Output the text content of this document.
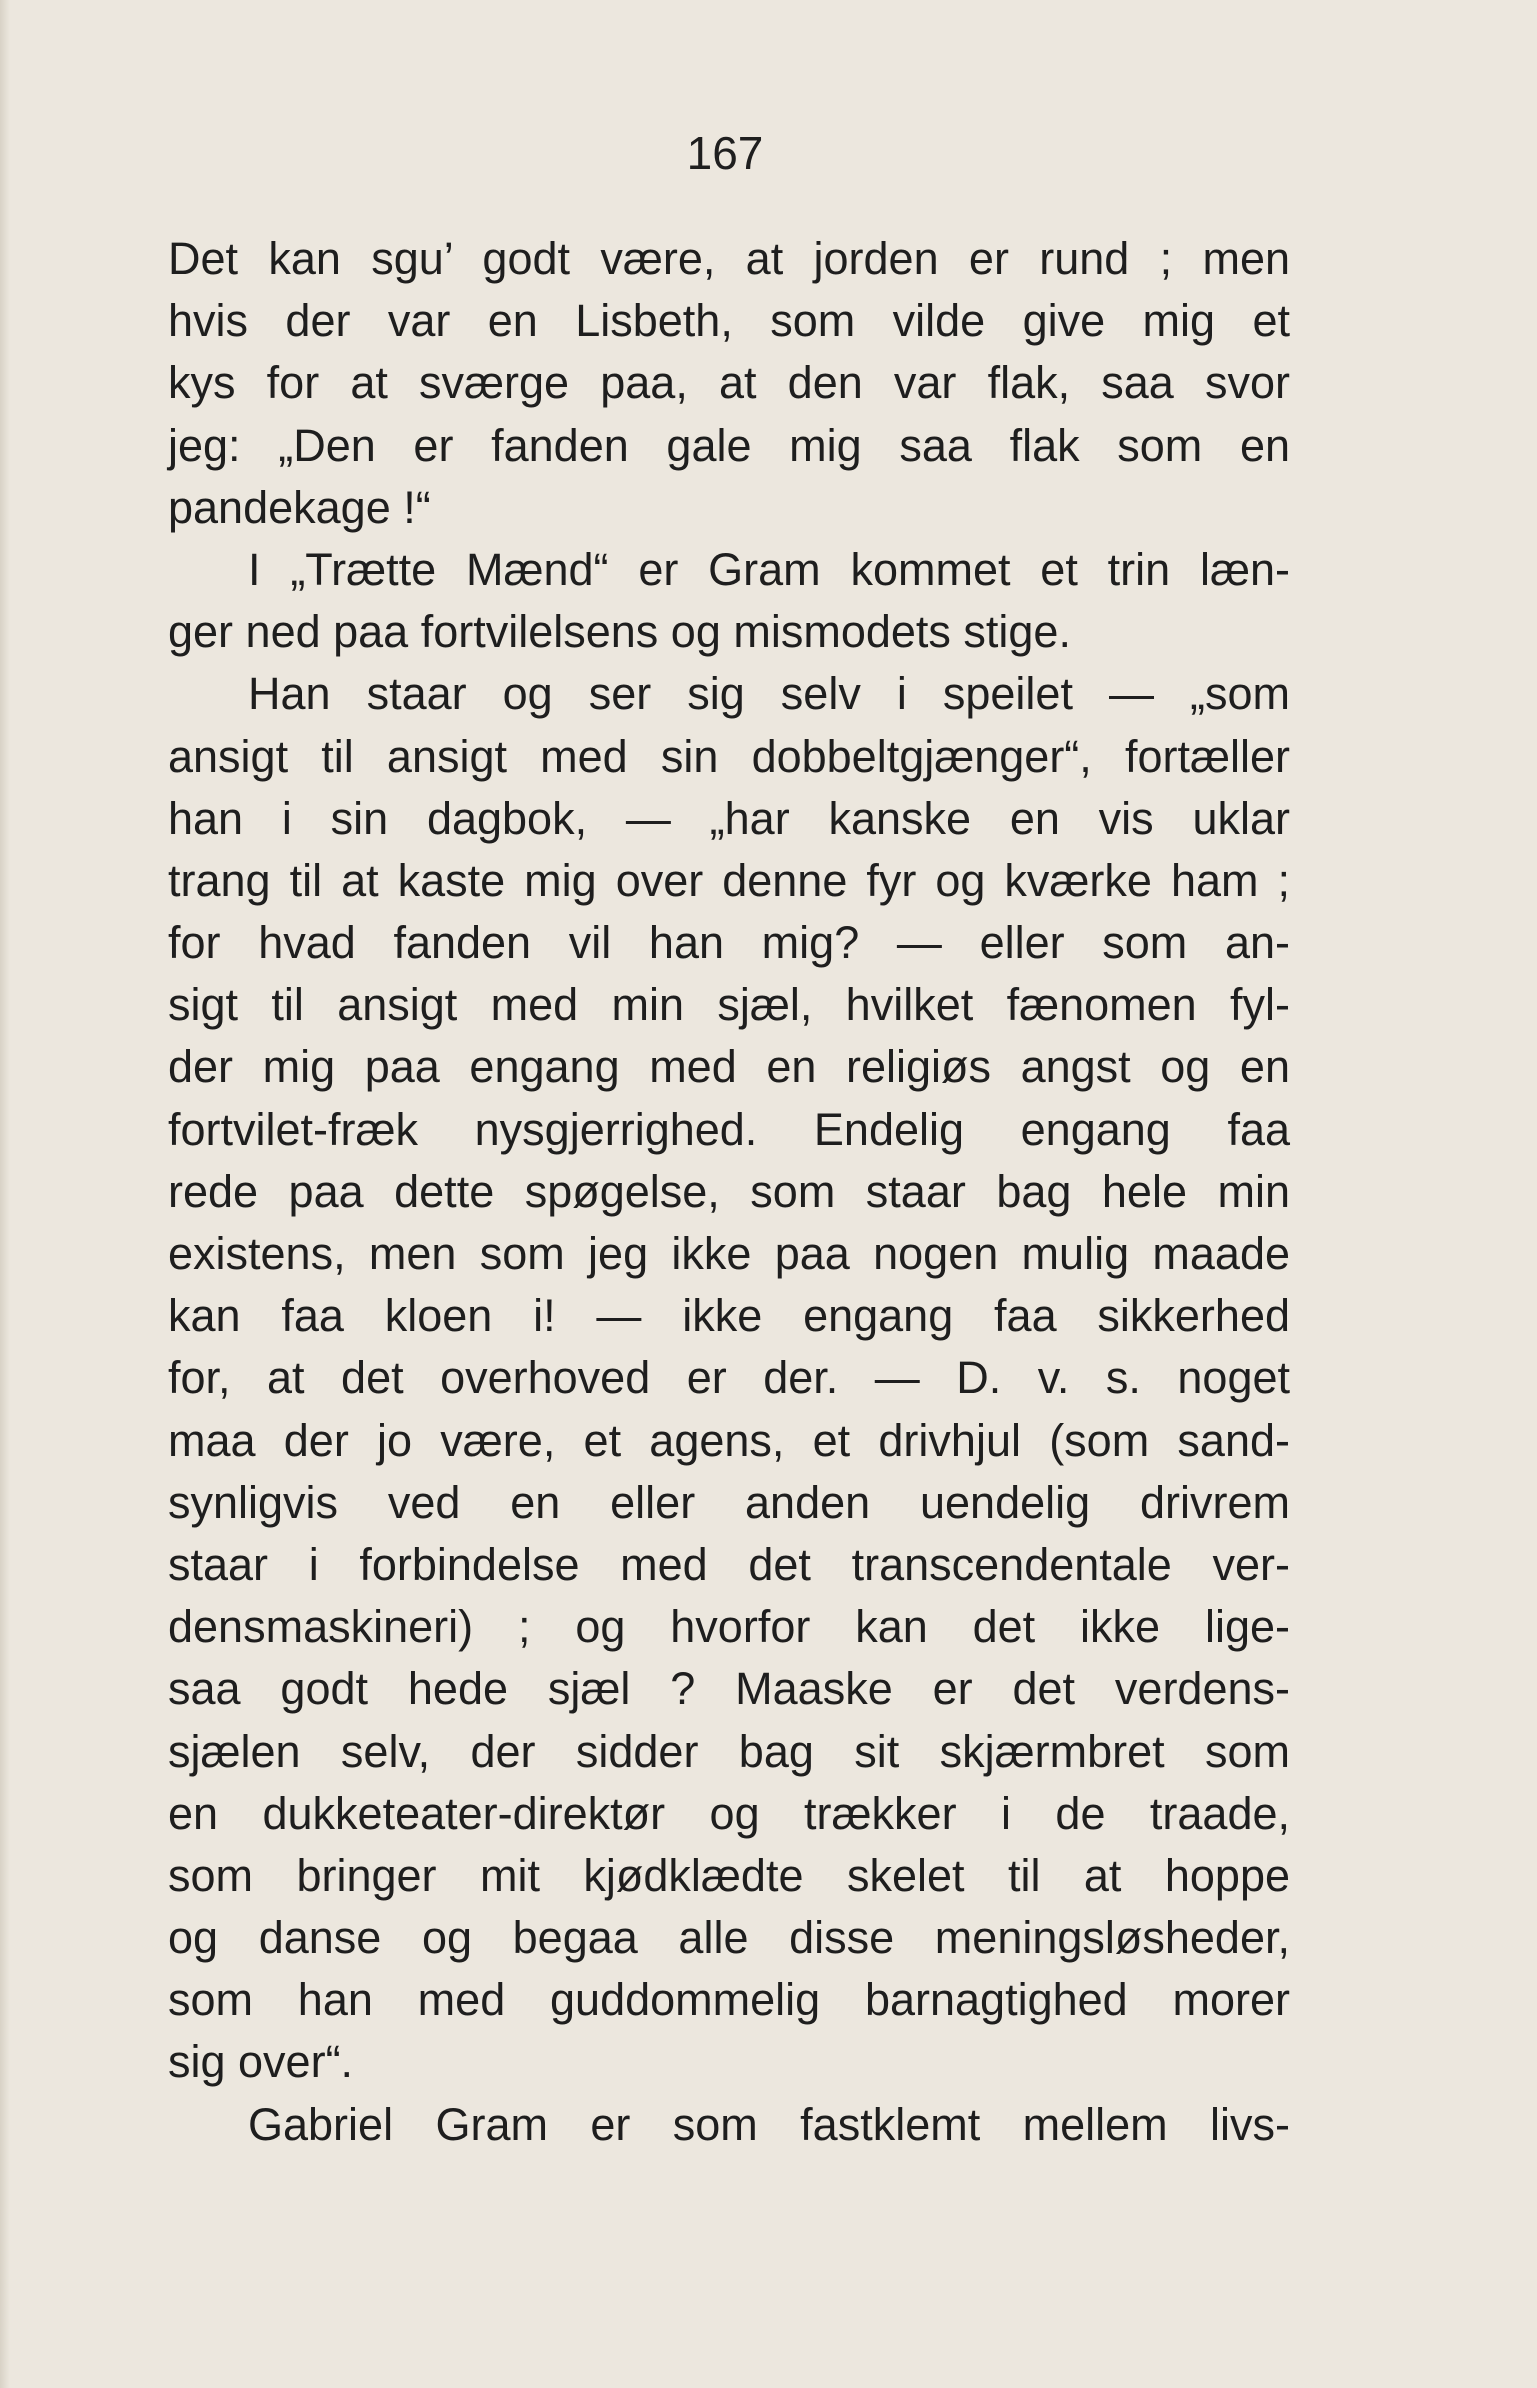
167

Det kan sgu’ godt være, at jorden er rund ; men
hvis der var en Lisbeth, som vilde give mig et
kys for at sværge paa, at den var flak, saa svor
jeg: „Den er fanden gale mig saa flak som en
pandekage !“
I „Trætte Mænd“ er Gram kommet et trin læn-
ger ned paa fortvilelsens og mismodets stige.
Han staar og ser sig selv i speilet — „som
ansigt til ansigt med sin dobbeltgjænger“, fortæller
han i sin dagbok, — „har kanske en vis uklar
trang til at kaste mig over denne fyr og kværke ham ;
for hvad fanden vil han mig? — eller som an-
sigt til ansigt med min sjæl, hvilket fænomen fyl-
der mig paa engang med en religiøs angst og en
fortvilet-fræk nysgjerrighed. Endelig engang faa
rede paa dette spøgelse, som staar bag hele min
existens, men som jeg ikke paa nogen mulig maade
kan faa kloen i! — ikke engang faa sikkerhed
for, at det overhoved er der. — D. v. s. noget
maa der jo være, et agens, et drivhjul (som sand-
synligvis ved en eller anden uendelig drivrem
staar i forbindelse med det transcendentale ver-
densmaskineri) ; og hvorfor kan det ikke lige-
saa godt hede sjæl ? Maaske er det verdens-
sjælen selv, der sidder bag sit skjærmbret som
en dukketeater-direktør og trækker i de traade,
som bringer mit kjødklædte skelet til at hoppe
og danse og begaa alle disse meningsløsheder,
som han med guddommelig barnagtighed morer
sig over“.
Gabriel Gram er som fastklemt mellem livs-
